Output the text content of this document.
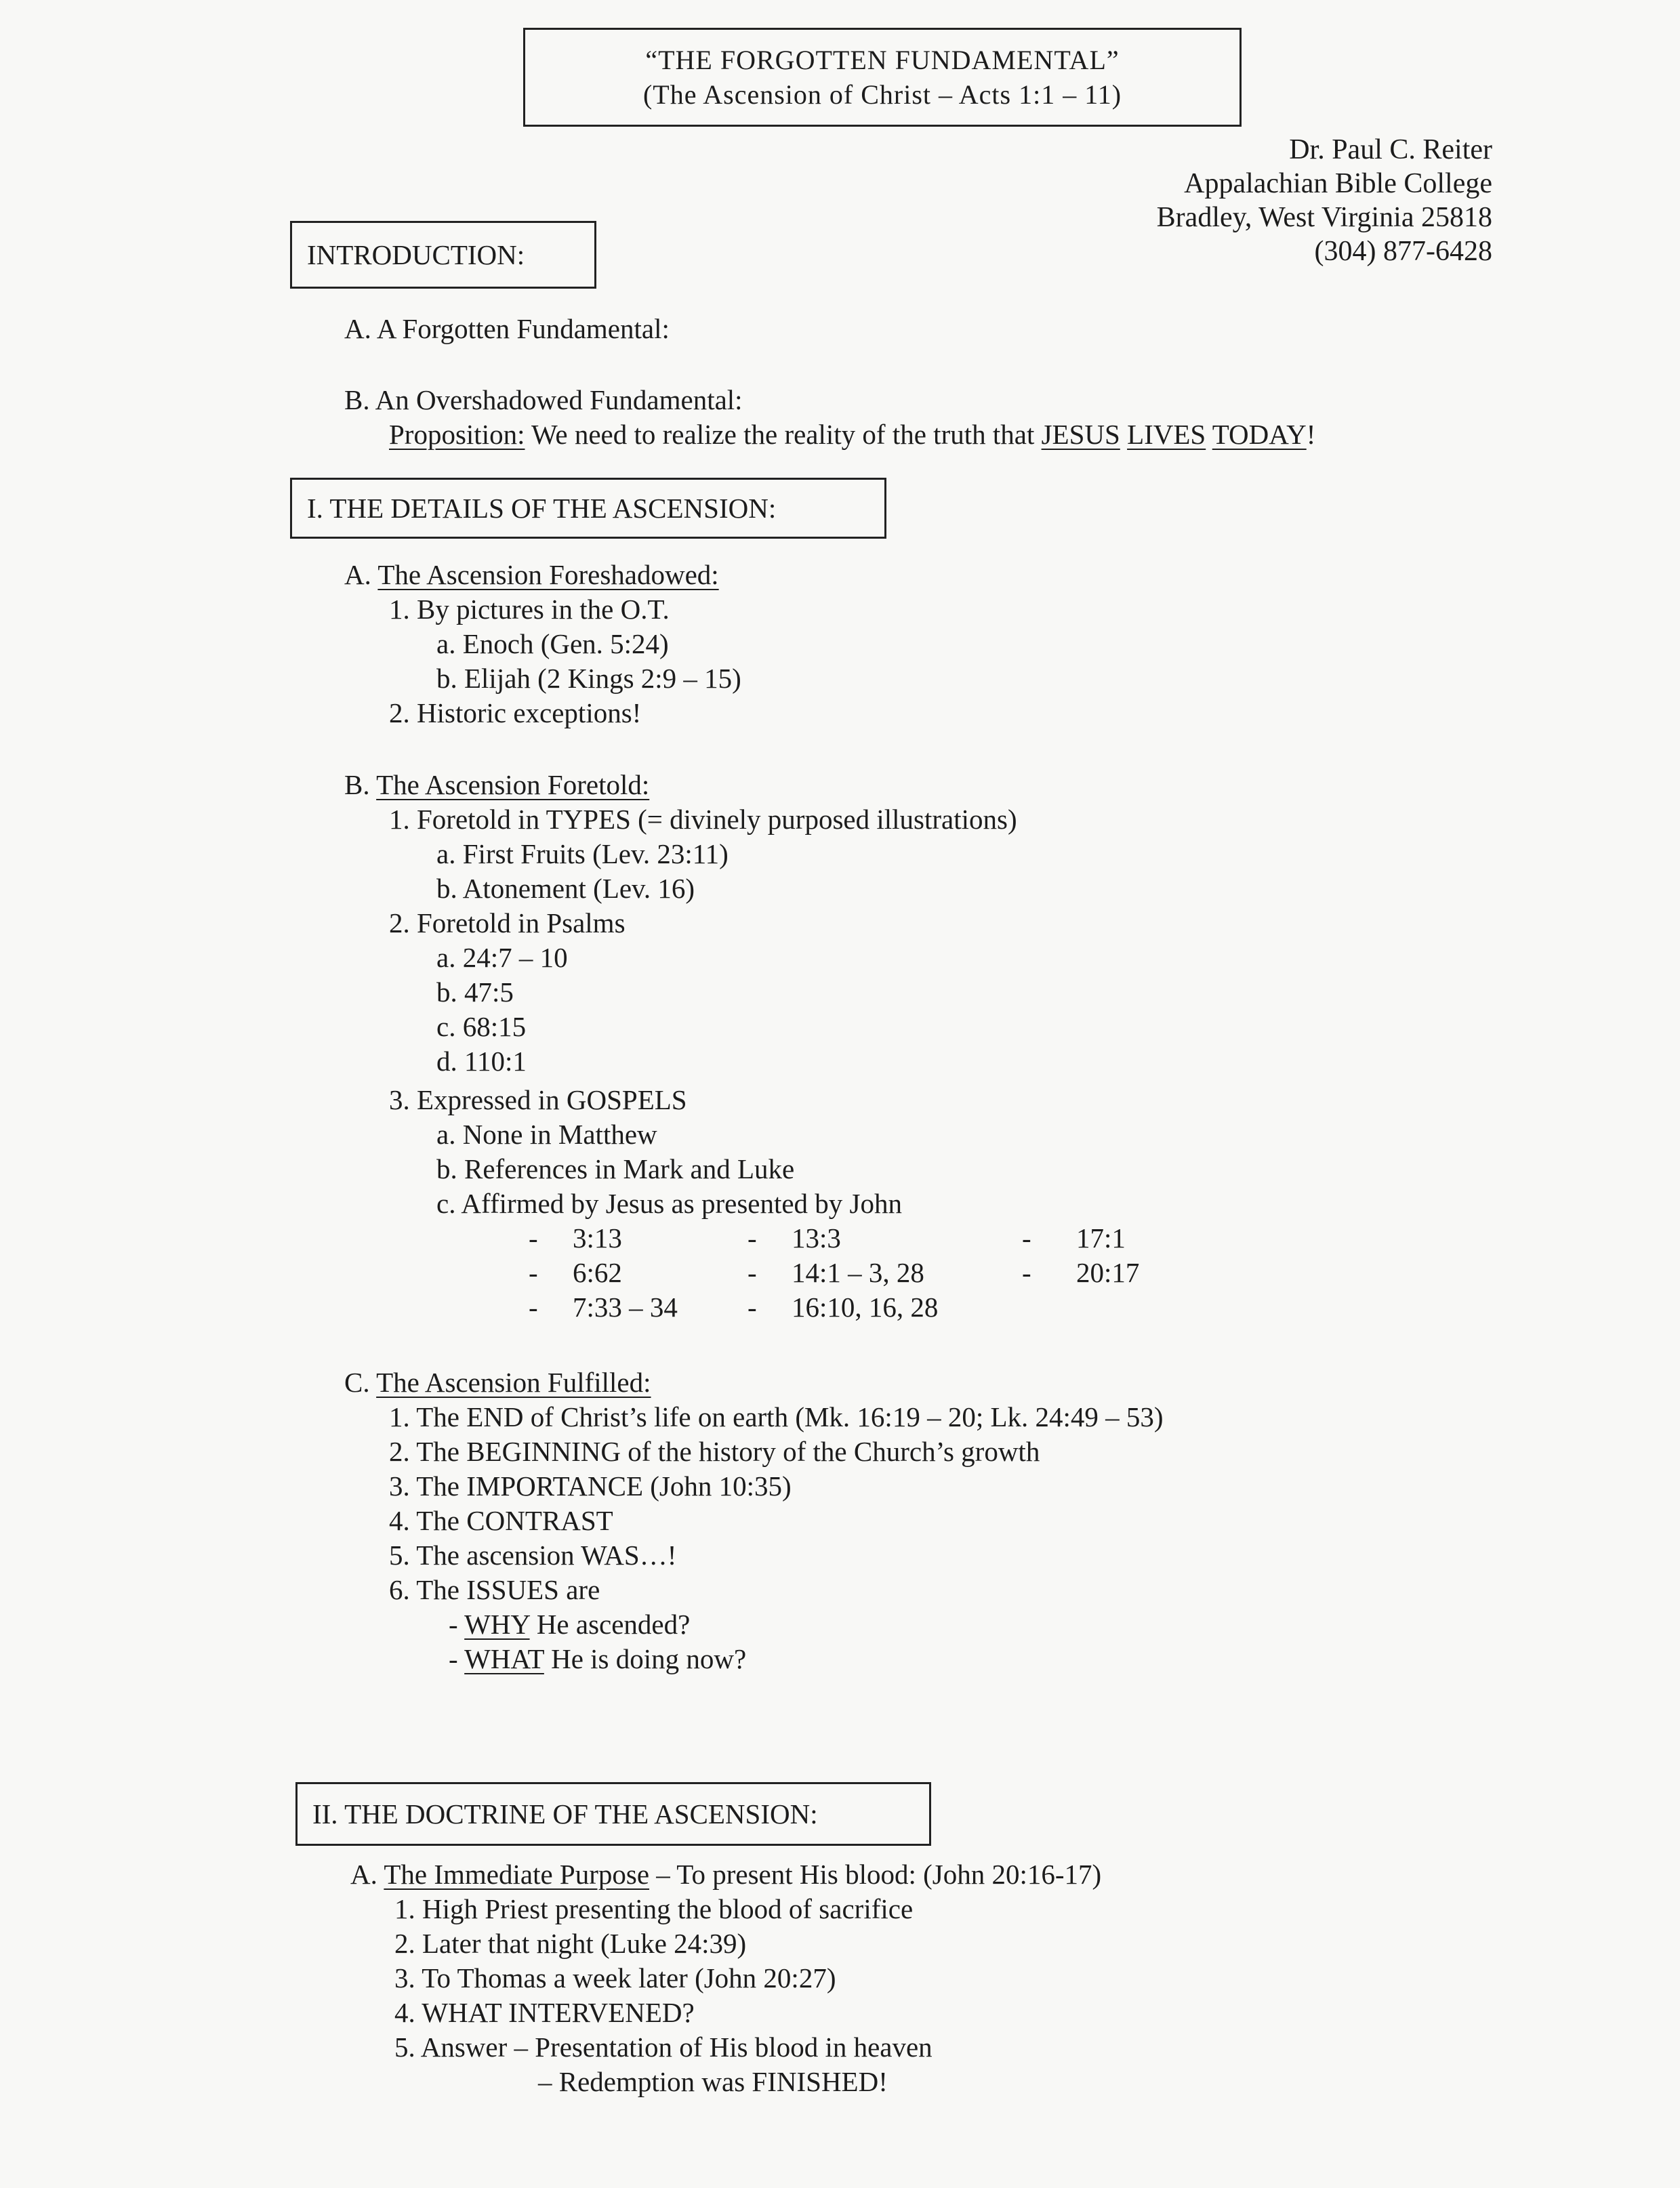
“THE FORGOTTEN FUNDAMENTAL”
(The Ascension of Christ – Acts 1:1 – 11)
Dr. Paul C. Reiter
Appalachian Bible College
Bradley, West Virginia 25818
(304) 877-6428
INTRODUCTION:
A. A Forgotten Fundamental:
B. An Overshadowed Fundamental:
Proposition: We need to realize the reality of the truth that JESUS LIVES TODAY!
I. THE DETAILS OF THE ASCENSION:
A. The Ascension Foreshadowed:
1. By pictures in the O.T.
a. Enoch (Gen. 5:24)
b. Elijah (2 Kings 2:9 – 15)
2. Historic exceptions!
B. The Ascension Foretold:
1. Foretold in TYPES (= divinely purposed illustrations)
a. First Fruits (Lev. 23:11)
b. Atonement (Lev. 16)
2. Foretold in Psalms
a. 24:7 – 10
b. 47:5
c. 68:15
d. 110:1
3. Expressed in GOSPELS
a. None in Matthew
b. References in Mark and Luke
c. Affirmed by Jesus as presented by John
- 3:13	- 13:3	- 17:1
- 6:62	- 14:1 – 3, 28	- 20:17
- 7:33 – 34	- 16:10, 16, 28
C. The Ascension Fulfilled:
1. The END of Christ’s life on earth (Mk. 16:19 – 20; Lk. 24:49 – 53)
2. The BEGINNING of the history of the Church’s growth
3. The IMPORTANCE (John 10:35)
4. The CONTRAST
5. The ascension WAS…!
6. The ISSUES are
- WHY He ascended?
- WHAT He is doing now?
II. THE DOCTRINE OF THE ASCENSION:
A. The Immediate Purpose – To present His blood: (John 20:16-17)
1. High Priest presenting the blood of sacrifice
2. Later that night (Luke 24:39)
3. To Thomas a week later (John 20:27)
4. WHAT INTERVENED?
5. Answer – Presentation of His blood in heaven
– Redemption was FINISHED!
